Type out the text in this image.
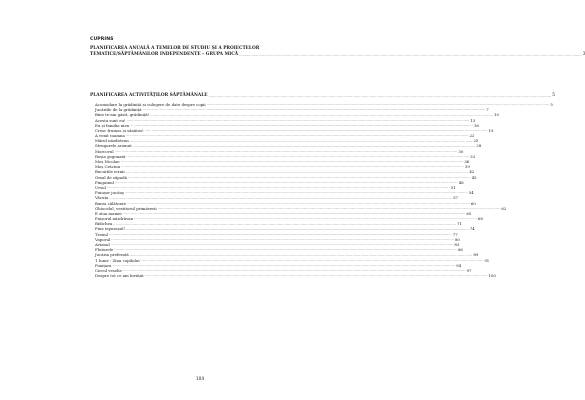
CUPRINS
PLANIFICAREA ANUALĂ A TEMELOR DE STUDIU ȘI A PROIECTELOR
TEMATICE/SĂPTĂMÂNILOR INDEPENDENTE – GRUPA MICĂ ............................................................................................................................................................................................................................................................................................................ 3
PLANIFICAREA ACTIVITĂȚILOR SĂPTĂMÂNALE ............................................................................................................................................................................................................................................................................................................ 5
Acomodare la grădiniță și culegere de date despre copii ............................................................................................................................................................................................................................................................................................................ 5
Jucăriile de la grădiniță ............................................................................................................................................................................................................................................................................................................ 7
Bine te-am găsit, grădiniță! ............................................................................................................................................................................................................................................................................................................ 10
Acesta sunt eu! ............................................................................................................................................................................................................................................................................................................ 13
Eu și familia mea ............................................................................................................................................................................................................................................................................................................ 16
Cresc frumos și sănătos! ............................................................................................................................................................................................................................................................................................................ 19
A venit toamna ............................................................................................................................................................................................................................................................................................................ 22
Mărul năzdrăvan ............................................................................................................................................................................................................................................................................................................ 25
Strugurele aromat ............................................................................................................................................................................................................................................................................................................ 28
Morcovul ............................................................................................................................................................................................................................................................................................................ 30
Roșia gogonată ............................................................................................................................................................................................................................................................................................................ 33
Moș Nicolae ............................................................................................................................................................................................................................................................................................................ 36
Moș Crăciun ............................................................................................................................................................................................................................................................................................................ 39
Bucuriile iernii ............................................................................................................................................................................................................................................................................................................ 42
Omul de zăpadă ............................................................................................................................................................................................................................................................................................................ 45
Pinguinul ............................................................................................................................................................................................................................................................................................................ 48
Ursul ............................................................................................................................................................................................................................................................................................................ 51
Puiușor jucăuș ............................................................................................................................................................................................................................................................................................................ 54
Vâcuța ............................................................................................................................................................................................................................................................................................................ 57
Barza călătoare ............................................................................................................................................................................................................................................................................................................ 60
Ghiocelul, vestitorul primăverii ............................................................................................................................................................................................................................................................................................................ 62
E ziua mamei ............................................................................................................................................................................................................................................................................................................ 65
Puișorul năzdrăvan ............................................................................................................................................................................................................................................................................................................ 68
Ridichea ............................................................................................................................................................................................................................................................................................................ 71
Fine iepurașul! ............................................................................................................................................................................................................................................................................................................ 74
Trenul ............................................................................................................................................................................................................................................................................................................ 77
Vaporul ............................................................................................................................................................................................................................................................................................................ 80
Avionul ............................................................................................................................................................................................................................................................................................................ 83
Fluturele ............................................................................................................................................................................................................................................................................................................ 86
Jucăria preferată ............................................................................................................................................................................................................................................................................................................ 89
1 Iunie - Ziua copilului ............................................................................................................................................................................................................................................................................................................ 91
Poiațara ............................................................................................................................................................................................................................................................................................................ 94
Circul veselie ............................................................................................................................................................................................................................................................................................................ 97
Despre tot ce am învățat ............................................................................................................................................................................................................................................................................................................ 100
104
